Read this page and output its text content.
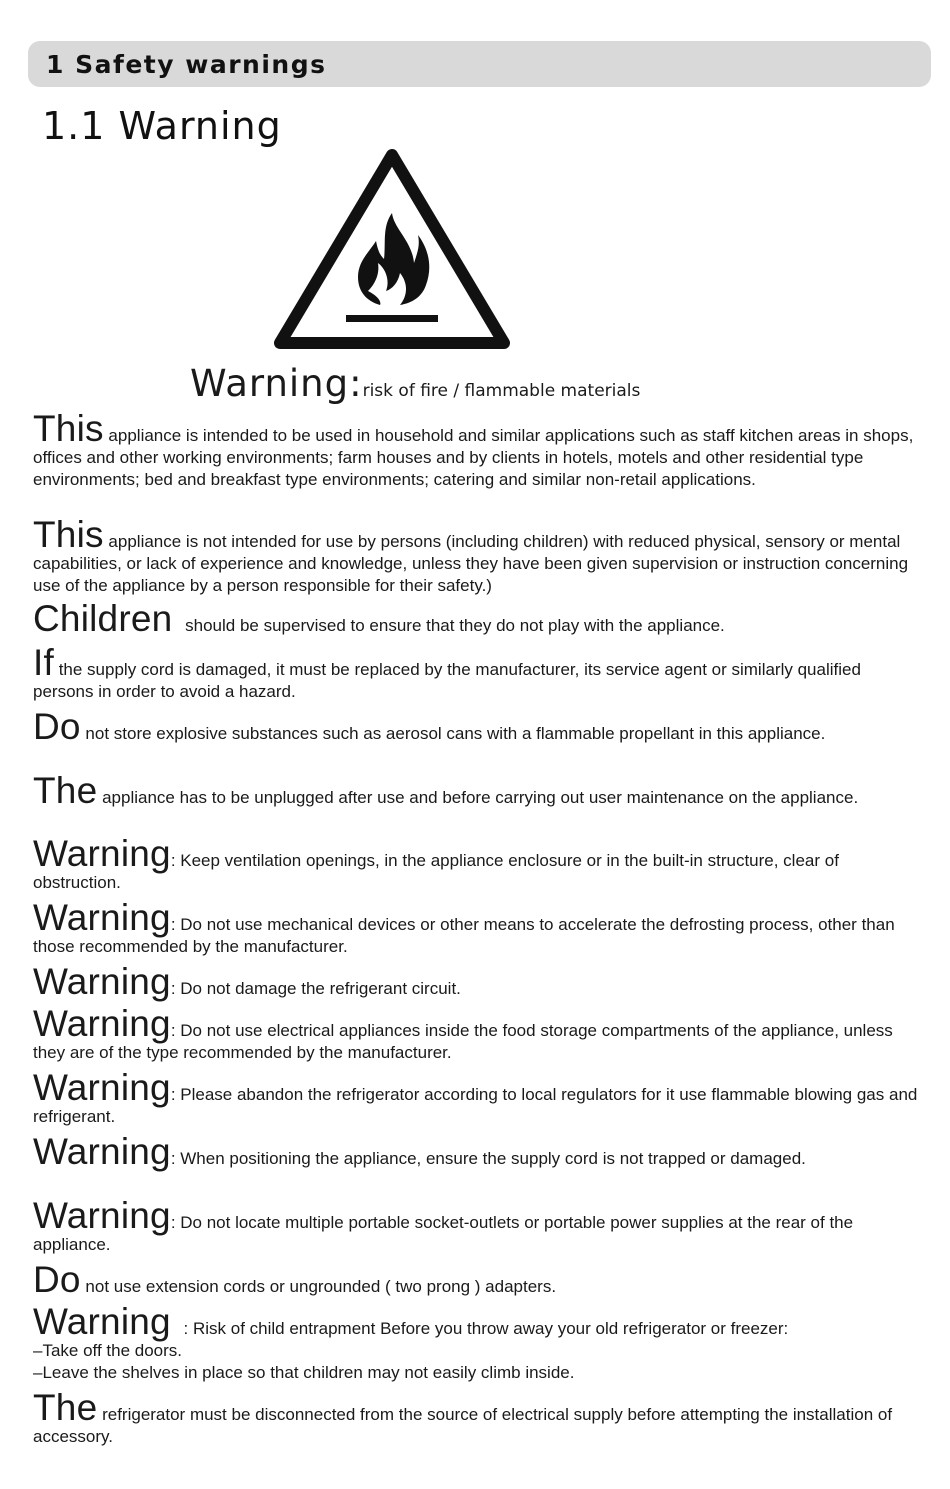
1 Safety warnings
1.1 Warning
Warning:risk of fire / flammable materials

This appliance is intended to be used in household and similar applications such as staff kitchen areas in shops, offices and other working environments; farm houses and by clients in hotels, motels and other residential type environments; bed and breakfast type environments; catering and similar non-retail applications.

This appliance is not intended for use by persons (including children) with reduced physical, sensory or mental capabilities, or lack of experience and knowledge, unless they have been given supervision or instruction concerning use of the appliance by a person responsible for their safety.)

Children should be supervised to ensure that they do not play with the appliance.

If the supply cord is damaged, it must be replaced by the manufacturer, its service agent or similarly qualified persons in order to avoid a hazard.

Do not store explosive substances such as aerosol cans with a flammable propellant in this appliance.

The appliance has to be unplugged after use and before carrying out user maintenance on the appliance.

Warning: Keep ventilation openings, in the appliance enclosure or in the built-in structure, clear of obstruction.

Warning: Do not use mechanical devices or other means to accelerate the defrosting process, other than those recommended by the manufacturer.

Warning: Do not damage the refrigerant circuit.

Warning: Do not use electrical appliances inside the food storage compartments of the appliance, unless they are of the type recommended by the manufacturer.

Warning: Please abandon the refrigerator according to local regulators for it use flammable blowing gas and refrigerant.

Warning: When positioning the appliance, ensure the supply cord is not trapped or damaged.

Warning: Do not locate multiple portable socket-outlets or portable power supplies at the rear of the appliance.

Do not use extension cords or ungrounded ( two prong ) adapters.

Warning : Risk of child entrapment Before you throw away your old refrigerator or freezer:
–Take off the doors.
–Leave the shelves in place so that children may not easily climb inside.

The refrigerator must be disconnected from the source of electrical supply before attempting the installation of accessory.
